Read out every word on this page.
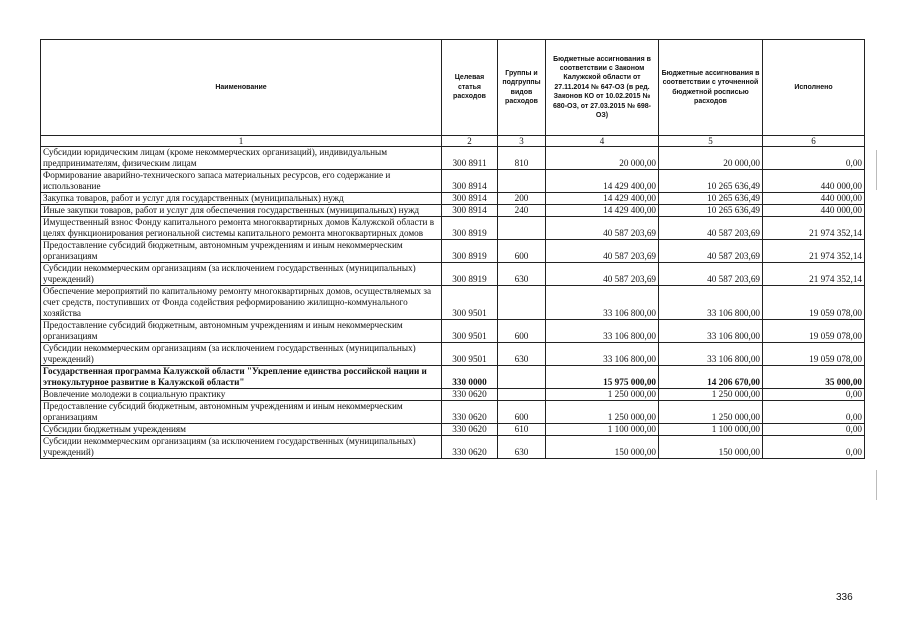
Наименование	Целевая статья расходов	Группы и подгруппы видов расходов	Бюджетные ассигнования в соответствии с Законом Калужской области от 27.11.2014 № 647-ОЗ (в ред. Законов КО от 10.02.2015 № 680-ОЗ, от 27.03.2015 № 698-ОЗ)	Бюджетные ассигнования в соответствии с уточненной бюджетной росписью расходов	Исполнено
1	2	3	4	5	6
Субсидии юридическим лицам (кроме некоммерческих организаций), индивидуальным предпринимателям, физическим лицам	300 8911	810	20 000,00	20 000,00	0,00
Формирование аварийно-технического запаса материальных ресурсов, его содержание и использование	300 8914		14 429 400,00	10 265 636,49	440 000,00
Закупка товаров, работ и услуг для государственных (муниципальных) нужд	300 8914	200	14 429 400,00	10 265 636,49	440 000,00
Иные закупки товаров, работ и услуг для обеспечения государственных (муниципальных) нужд	300 8914	240	14 429 400,00	10 265 636,49	440 000,00
Имущественный взнос Фонду капитального ремонта многоквартирных домов Калужской области в целях функционирования региональной системы капитального ремонта многоквартирных домов	300 8919		40 587 203,69	40 587 203,69	21 974 352,14
Предоставление субсидий бюджетным, автономным учреждениям и иным некоммерческим организациям	300 8919	600	40 587 203,69	40 587 203,69	21 974 352,14
Субсидии некоммерческим организациям (за исключением государственных (муниципальных) учреждений)	300 8919	630	40 587 203,69	40 587 203,69	21 974 352,14
Обеспечение мероприятий по капитальному ремонту многоквартирных домов, осуществляемых за счет средств, поступивших от Фонда содействия реформированию жилищно-коммунального хозяйства	300 9501		33 106 800,00	33 106 800,00	19 059 078,00
Предоставление субсидий бюджетным, автономным учреждениям и иным некоммерческим организациям	300 9501	600	33 106 800,00	33 106 800,00	19 059 078,00
Субсидии некоммерческим организациям (за исключением государственных (муниципальных) учреждений)	300 9501	630	33 106 800,00	33 106 800,00	19 059 078,00
Государственная программа Калужской области "Укрепление единства российской нации и этнокультурное развитие в Калужской области"	330 0000		15 975 000,00	14 206 670,00	35 000,00
Вовлечение молодежи в социальную практику	330 0620		1 250 000,00	1 250 000,00	0,00
Предоставление субсидий бюджетным, автономным учреждениям и иным некоммерческим организациям	330 0620	600	1 250 000,00	1 250 000,00	0,00
Субсидии бюджетным учреждениям	330 0620	610	1 100 000,00	1 100 000,00	0,00
Субсидии некоммерческим организациям (за исключением государственных (муниципальных) учреждений)	330 0620	630	150 000,00	150 000,00	0,00
336
